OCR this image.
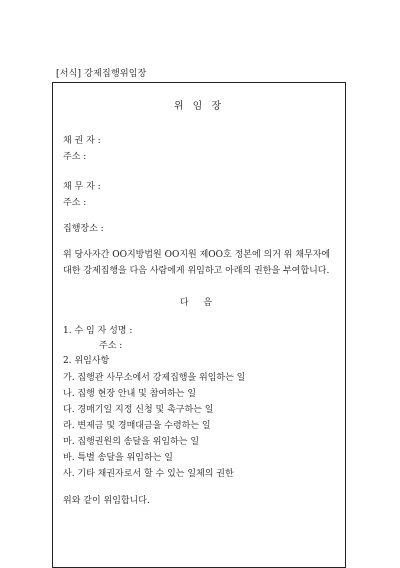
[서식] 강제집행위임장
위 임 장
채 권 자 :
주소 :
채 무 자 :
주소 :
집행장소 :
위 당사자간 OO지방법원 OO지원 제OO호 정본에 의거 위 채무자에 대한 강제집행을 다음 사람에게 위임하고 아래의 권한을 부여합니다.
다 음
1. 수 임 자 성명 :
주소 :
2. 위임사항
가. 집행관 사무소에서 강제집행을 위임하는 일
나. 집행 현장 안내 및 참여하는 일
다. 경매기일 지정 신청 및 촉구하는 일
라. 변제금 및 경매대금을 수령하는 일
마. 집행권원의 송달을 위임하는 일
바. 특별 송달을 위임하는 일
사. 기타 채권자로서 할 수 있는 일체의 권한
위와 같이 위임합니다.
